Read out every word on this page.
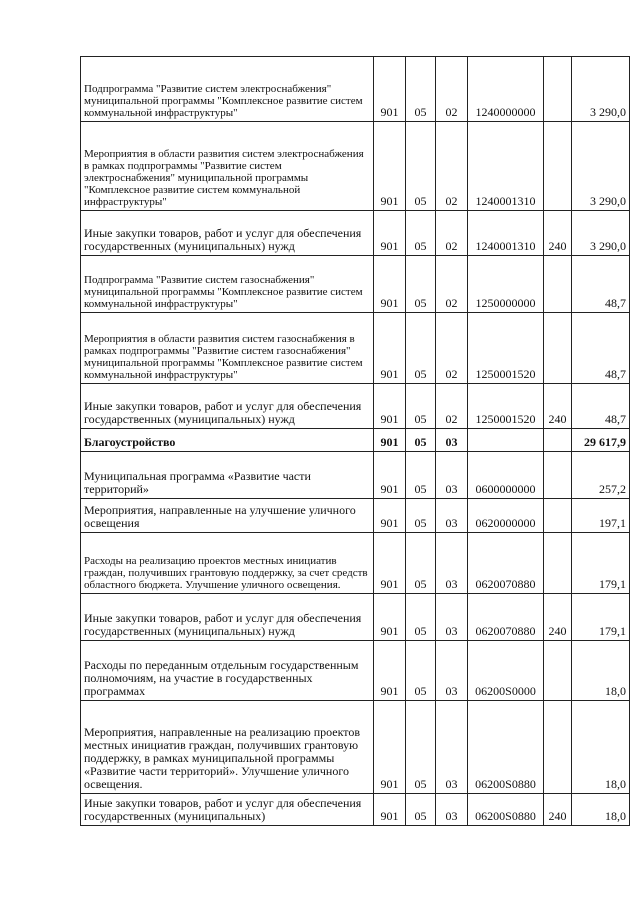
Подпрограмма "Развитие систем электроснабжения" муниципальной программы "Комплексное развитие систем коммунальной инфраструктуры"	901	05	02	1240000000		3 290,0
Мероприятия в области развития систем электроснабжения в рамках подпрограммы "Развитие систем электроснабжения" муниципальной программы "Комплексное развитие систем коммунальной инфраструктуры"	901	05	02	1240001310		3 290,0
Иные закупки товаров, работ и услуг для обеспечения государственных (муниципальных) нужд	901	05	02	1240001310	240	3 290,0
Подпрограмма "Развитие систем газоснабжения" муниципальной программы "Комплексное развитие систем коммунальной инфраструктуры"	901	05	02	1250000000		48,7
Мероприятия в области развития систем газоснабжения в рамках подпрограммы "Развитие систем газоснабжения" муниципальной программы "Комплексное развитие систем коммунальной инфраструктуры"	901	05	02	1250001520		48,7
Иные закупки товаров, работ и услуг для обеспечения государственных (муниципальных) нужд	901	05	02	1250001520	240	48,7
Благоустройство	901	05	03			29 617,9
Муниципальная программа «Развитие части территорий»	901	05	03	0600000000		257,2
Мероприятия, направленные на улучшение уличного освещения	901	05	03	0620000000		197,1
Расходы на реализацию проектов местных инициатив граждан, получивших грантовую поддержку, за счет средств областного бюджета. Улучшение уличного освещения.	901	05	03	0620070880		179,1
Иные закупки товаров, работ и услуг для обеспечения государственных (муниципальных) нужд	901	05	03	0620070880	240	179,1
Расходы по переданным отдельным государственным полномочиям, на участие в государственных программах	901	05	03	06200S0000		18,0
Мероприятия, направленные на реализацию проектов местных инициатив граждан, получивших грантовую поддержку, в рамках муниципальной программы «Развитие части территорий». Улучшение уличного освещения.	901	05	03	06200S0880		18,0
Иные закупки товаров, работ и услуг для обеспечения государственных (муниципальных)	901	05	03	06200S0880	240	18,0
